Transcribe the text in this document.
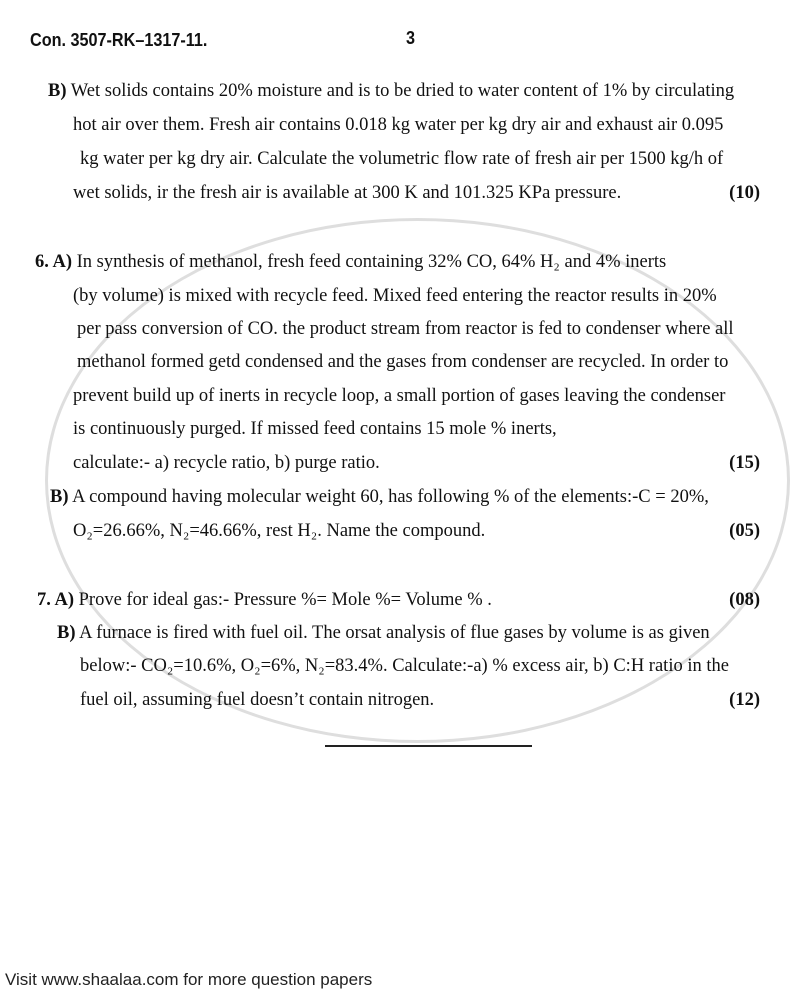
Con. 3507-RK–1317-11.	3
B) Wet solids contains 20% moisture and is to be dried to water content of 1% by circulating
hot air over them. Fresh air contains 0.018 kg water per kg dry air and exhaust air 0.095
kg water per kg dry air. Calculate the volumetric flow rate of fresh air per 1500 kg/h of
wet solids, ir the fresh air is available at 300 K and 101.325 KPa pressure.	(10)
6. A) In synthesis of methanol, fresh feed containing 32% CO, 64% H₂ and 4% inerts
(by volume) is mixed with recycle feed. Mixed feed entering the reactor results in 20%
per pass conversion of CO. the product stream from reactor is fed to condenser where all
methanol formed getd condensed and the gases from condenser are recycled. In order to
prevent build up of inerts in recycle loop, a small portion of gases leaving the condenser
is continuously purged. If missed feed contains 15 mole % inerts,
calculate:- a) recycle ratio, b) purge ratio.	(15)
B) A compound having molecular weight 60, has following % of the elements:-C = 20%,
O₂=26.66%, N₂=46.66%, rest H₂. Name the compound.	(05)
7. A) Prove for ideal gas:- Pressure %= Mole %= Volume % .	(08)
B) A furnace is fired with fuel oil. The orsat analysis of flue gases by volume is as given
below:- CO₂=10.6%, O₂=6%, N₂=83.4%. Calculate:-a) % excess air, b) C:H ratio in the
fuel oil, assuming fuel doesn’t contain nitrogen.	(12)
Visit www.shaalaa.com for more question papers
